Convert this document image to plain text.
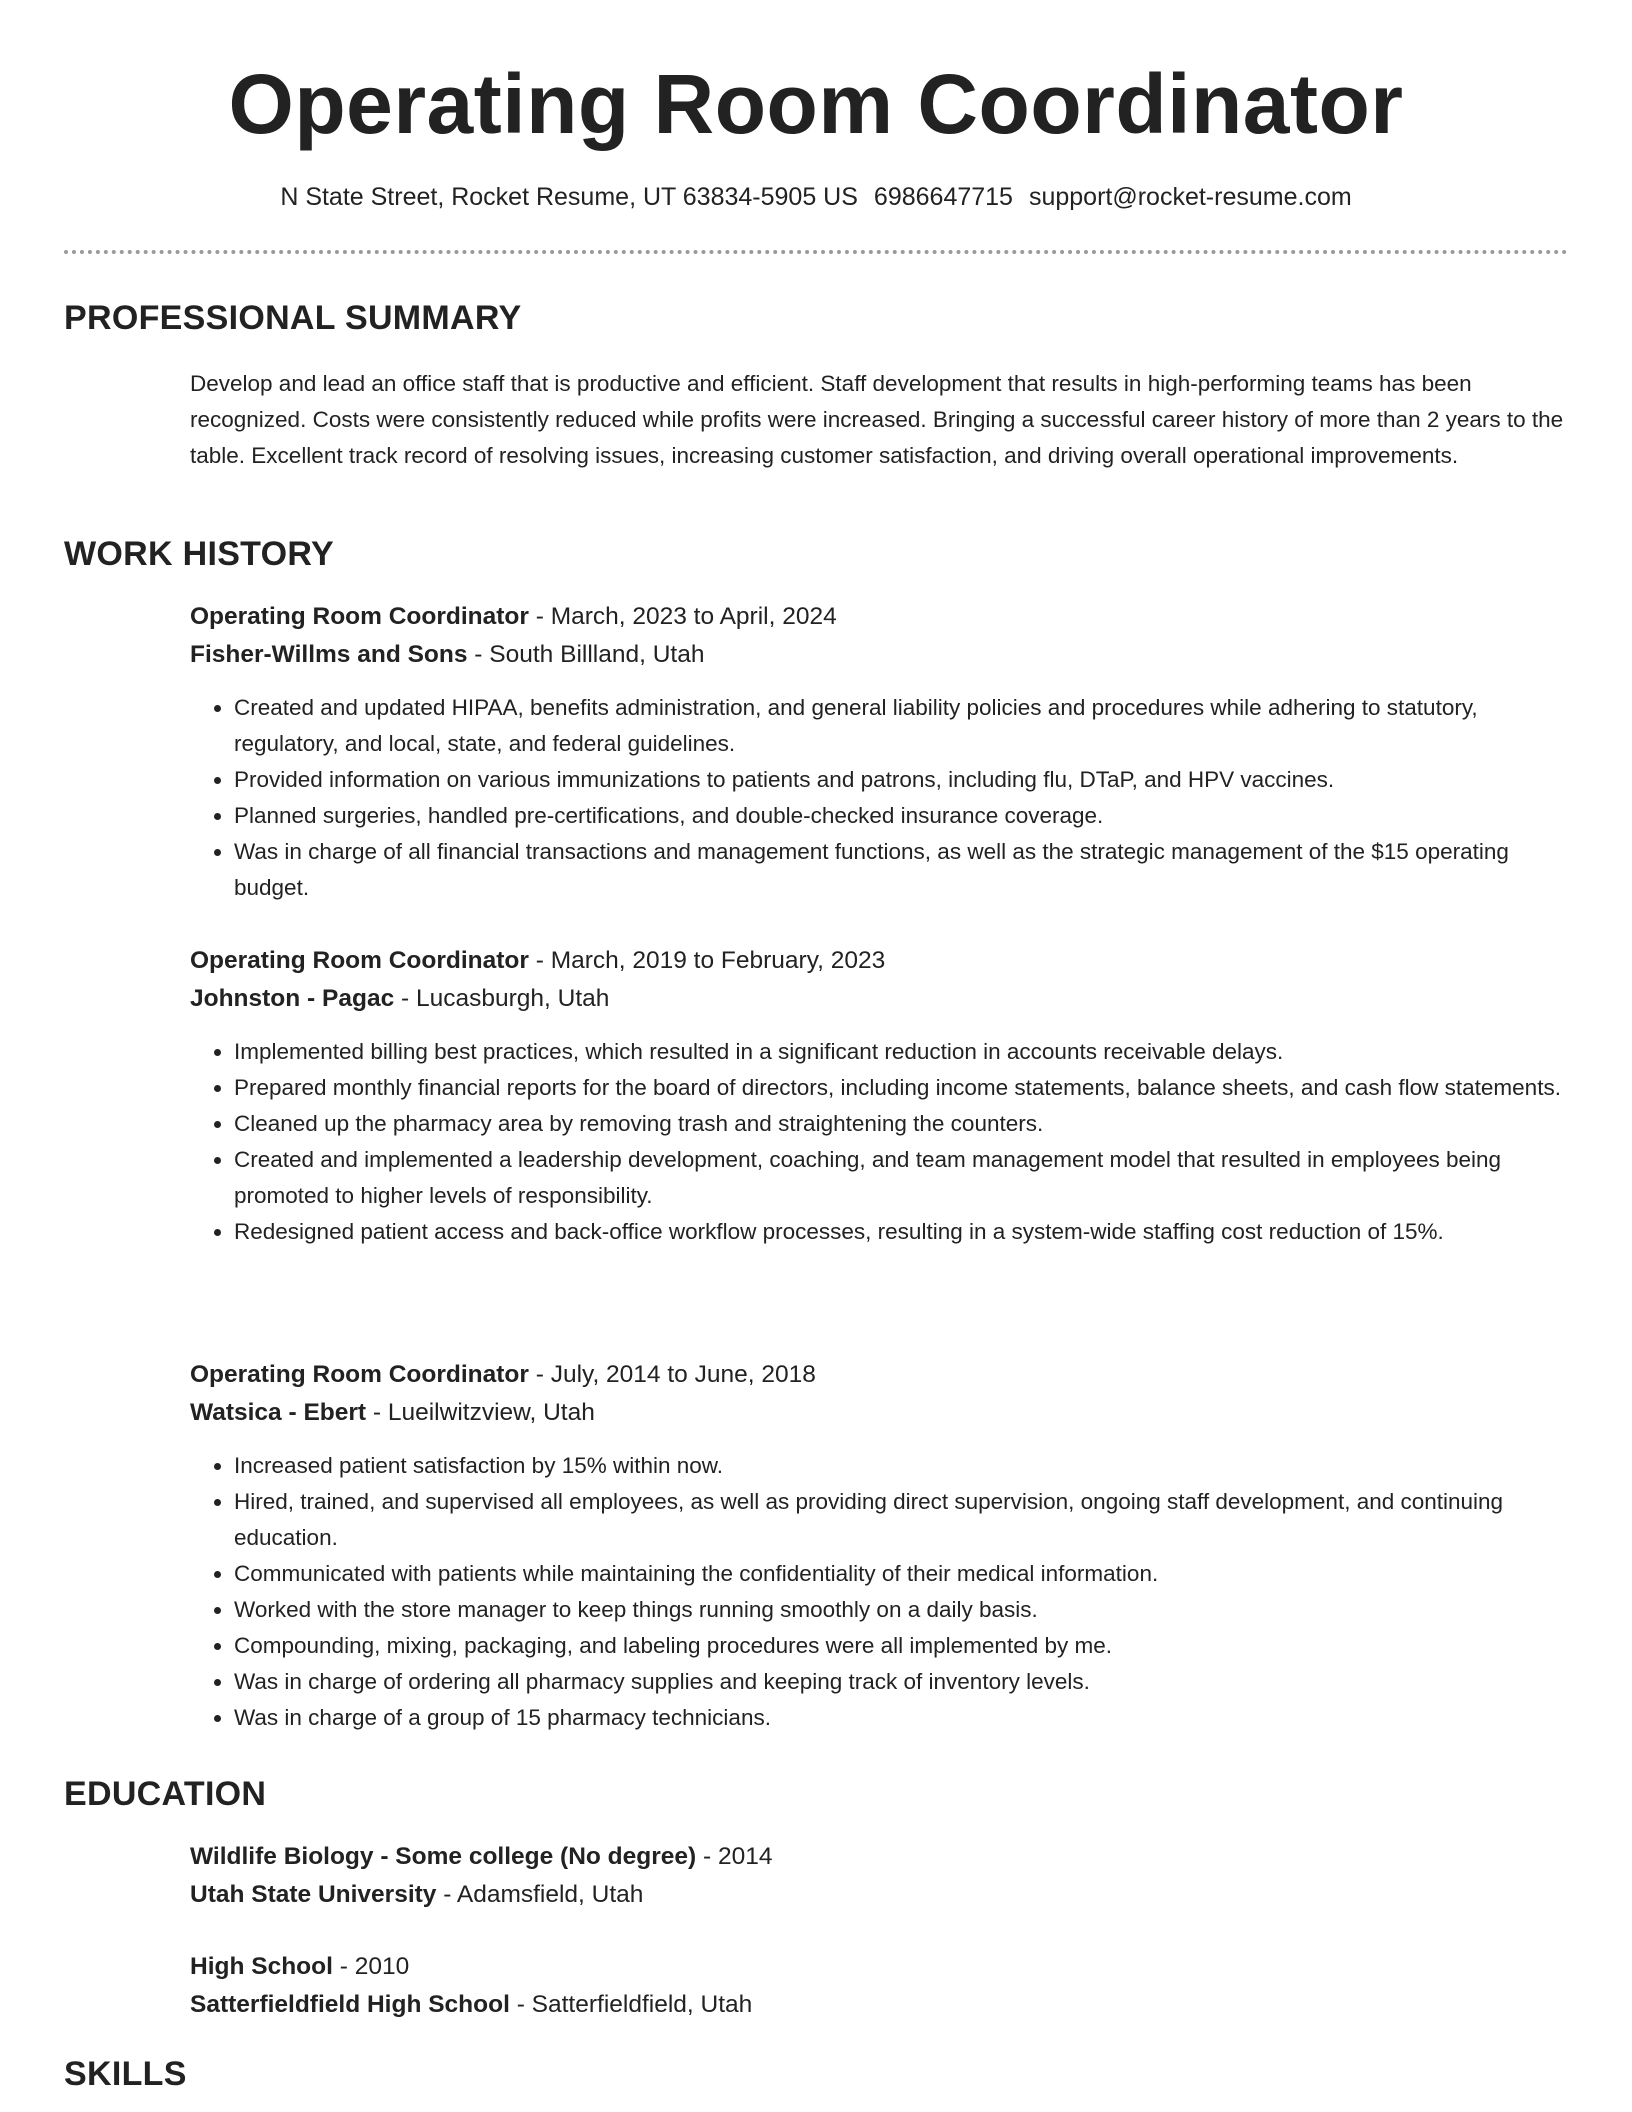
Operating Room Coordinator
N State Street, Rocket Resume, UT 63834-5905 US 6986647715 support@rocket-resume.com
PROFESSIONAL SUMMARY
Develop and lead an office staff that is productive and efficient. Staff development that results in high-performing teams has been recognized. Costs were consistently reduced while profits were increased. Bringing a successful career history of more than 2 years to the table. Excellent track record of resolving issues, increasing customer satisfaction, and driving overall operational improvements.
WORK HISTORY
Operating Room Coordinator - March, 2023 to April, 2024
Fisher-Willms and Sons - South Billland, Utah
• Created and updated HIPAA, benefits administration, and general liability policies and procedures while adhering to statutory, regulatory, and local, state, and federal guidelines.
• Provided information on various immunizations to patients and patrons, including flu, DTaP, and HPV vaccines.
• Planned surgeries, handled pre-certifications, and double-checked insurance coverage.
• Was in charge of all financial transactions and management functions, as well as the strategic management of the $15 operating budget.
Operating Room Coordinator - March, 2019 to February, 2023
Johnston - Pagac - Lucasburgh, Utah
• Implemented billing best practices, which resulted in a significant reduction in accounts receivable delays.
• Prepared monthly financial reports for the board of directors, including income statements, balance sheets, and cash flow statements.
• Cleaned up the pharmacy area by removing trash and straightening the counters.
• Created and implemented a leadership development, coaching, and team management model that resulted in employees being promoted to higher levels of responsibility.
• Redesigned patient access and back-office workflow processes, resulting in a system-wide staffing cost reduction of 15%.
Operating Room Coordinator - July, 2014 to June, 2018
Watsica - Ebert - Lueilwitzview, Utah
• Increased patient satisfaction by 15% within now.
• Hired, trained, and supervised all employees, as well as providing direct supervision, ongoing staff development, and continuing education.
• Communicated with patients while maintaining the confidentiality of their medical information.
• Worked with the store manager to keep things running smoothly on a daily basis.
• Compounding, mixing, packaging, and labeling procedures were all implemented by me.
• Was in charge of ordering all pharmacy supplies and keeping track of inventory levels.
• Was in charge of a group of 15 pharmacy technicians.
EDUCATION
Wildlife Biology - Some college (No degree) - 2014
Utah State University - Adamsfield, Utah
High School - 2010
Satterfieldfield High School - Satterfieldfield, Utah
SKILLS
